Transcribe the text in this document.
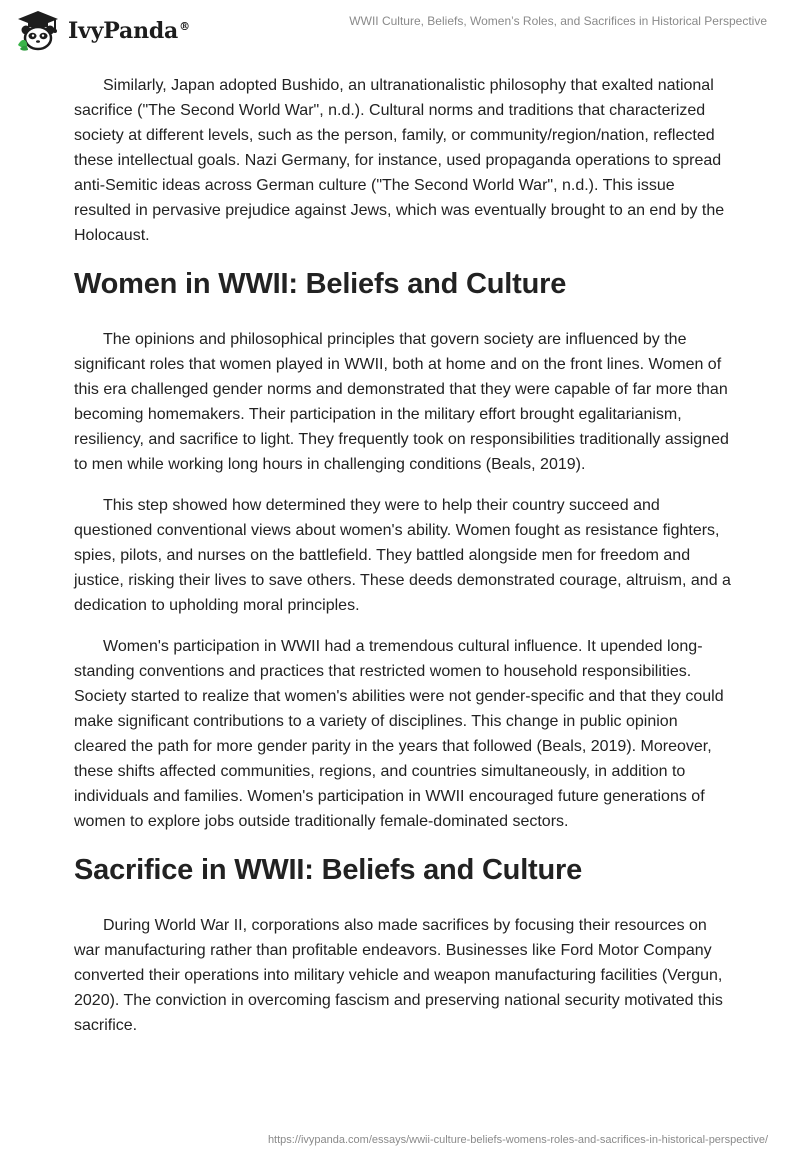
IvyPanda®	WWII Culture, Beliefs, Women’s Roles, and Sacrifices in Historical Perspective

Similarly, Japan adopted Bushido, an ultranationalistic philosophy that exalted national sacrifice ("The Second World War", n.d.). Cultural norms and traditions that characterized society at different levels, such as the person, family, or community/region/nation, reflected these intellectual goals. Nazi Germany, for instance, used propaganda operations to spread anti-Semitic ideas across German culture ("The Second World War", n.d.). This issue resulted in pervasive prejudice against Jews, which was eventually brought to an end by the Holocaust.

Women in WWII: Beliefs and Culture

The opinions and philosophical principles that govern society are influenced by the significant roles that women played in WWII, both at home and on the front lines. Women of this era challenged gender norms and demonstrated that they were capable of far more than becoming homemakers. Their participation in the military effort brought egalitarianism, resiliency, and sacrifice to light. They frequently took on responsibilities traditionally assigned to men while working long hours in challenging conditions (Beals, 2019).

This step showed how determined they were to help their country succeed and questioned conventional views about women's ability. Women fought as resistance fighters, spies, pilots, and nurses on the battlefield. They battled alongside men for freedom and justice, risking their lives to save others. These deeds demonstrated courage, altruism, and a dedication to upholding moral principles.

Women's participation in WWII had a tremendous cultural influence. It upended long-standing conventions and practices that restricted women to household responsibilities. Society started to realize that women's abilities were not gender-specific and that they could make significant contributions to a variety of disciplines. This change in public opinion cleared the path for more gender parity in the years that followed (Beals, 2019). Moreover, these shifts affected communities, regions, and countries simultaneously, in addition to individuals and families. Women's participation in WWII encouraged future generations of women to explore jobs outside traditionally female-dominated sectors.

Sacrifice in WWII: Beliefs and Culture

During World War II, corporations also made sacrifices by focusing their resources on war manufacturing rather than profitable endeavors. Businesses like Ford Motor Company converted their operations into military vehicle and weapon manufacturing facilities (Vergun, 2020). The conviction in overcoming fascism and preserving national security motivated this sacrifice.

https://ivypanda.com/essays/wwii-culture-beliefs-womens-roles-and-sacrifices-in-historical-perspective/
